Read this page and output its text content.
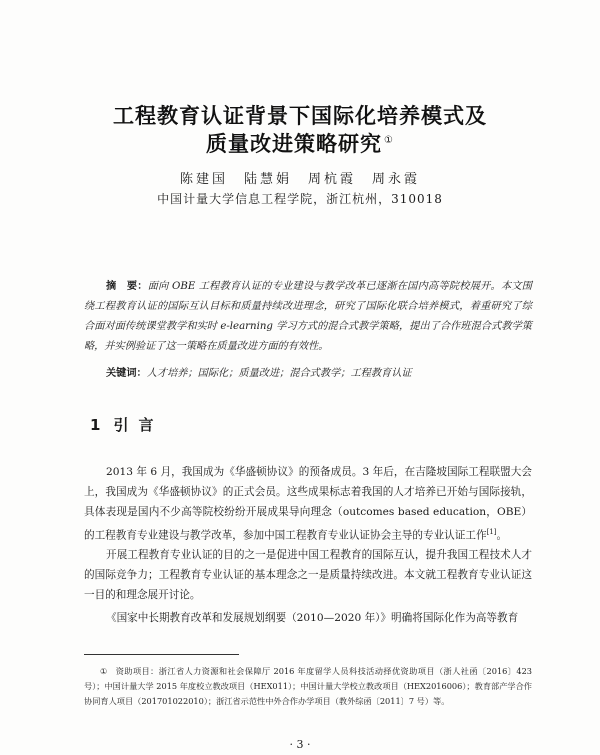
工程教育认证背景下国际化培养模式及
质量改进策略研究 ①
陈建国　陆慧娟　周杭霞　周永霞
中国计量大学信息工程学院，浙江杭州，310018
摘　要：面向 OBE 工程教育认证的专业建设与教学改革已逐渐在国内高等院校展开。本文围绕工程教育认证的国际互认目标和质量持续改进理念，研究了国际化联合培养模式，着重研究了综合面对面传统课堂教学和实时 e-learning 学习方式的混合式教学策略，提出了合作班混合式教学策略，并实例验证了这一策略在质量改进方面的有效性。
关键词：人才培养；国际化；质量改进；混合式教学；工程教育认证
1 引言
2013 年 6 月，我国成为《华盛顿协议》的预备成员。3 年后，在吉隆坡国际工程联盟大会上，我国成为《华盛顿协议》的正式会员。这些成果标志着我国的人才培养已开始与国际接轨，具体表现是国内不少高等院校纷纷开展成果导向理念（outcomes based education，OBE）的工程教育专业建设与教学改革，参加中国工程教育专业认证协会主导的专业认证工作[1]。
开展工程教育专业认证的目的之一是促进中国工程教育的国际互认，提升我国工程技术人才的国际竞争力；工程教育专业认证的基本理念之一是质量持续改进。本文就工程教育专业认证这一目的和理念展开讨论。
《国家中长期教育改革和发展规划纲要（2010—2020 年）》明确将国际化作为高等教育
① 资助项目：浙江省人力资源和社会保障厅 2016 年度留学人员科技活动择优资助项目（浙人社函〔2016〕423 号）；中国计量大学 2015 年度校立教改项目（HEX011）；中国计量大学校立教改项目（HEX2016006）；教育部产学合作协同育人项目（201701022010）；浙江省示范性中外合作办学项目（教外综函〔2011〕7 号）等。
· 3 ·
